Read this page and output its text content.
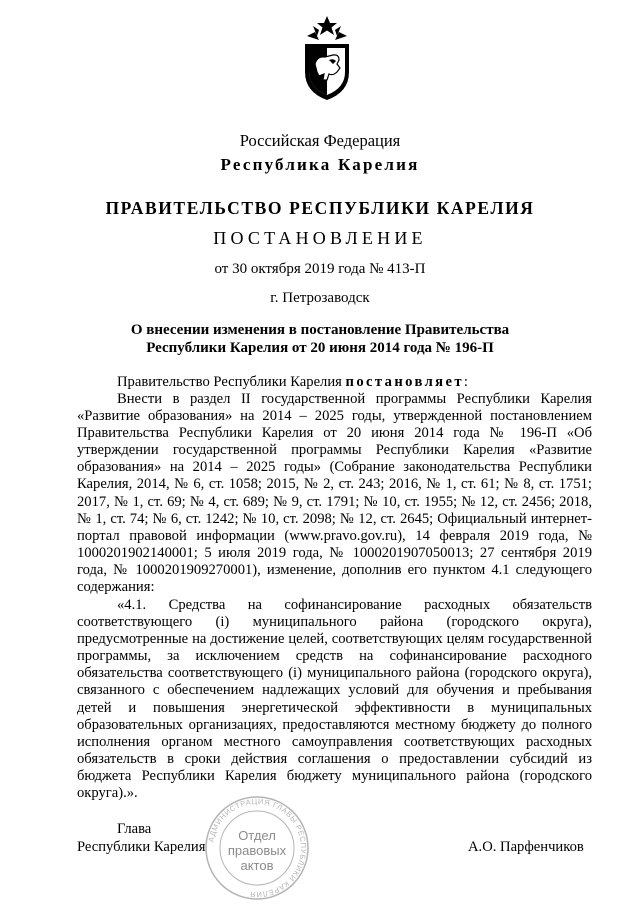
Российская Федерация
Республика Карелия
ПРАВИТЕЛЬСТВО РЕСПУБЛИКИ КАРЕЛИЯ
ПОСТАНОВЛЕНИЕ
от 30 октября 2019 года № 413-П
г. Петрозаводск
О внесении изменения в постановление Правительства
Республики Карелия от 20 июня 2014 года № 196-П
Правительство Республики Карелия постановляет:
Внести в раздел II государственной программы Республики Карелия «Развитие образования» на 2014 – 2025 годы, утвержденной постановлением Правительства Республики Карелия от 20 июня 2014 года № 196-П «Об утверждении государственной программы Республики Карелия «Развитие образования» на 2014 – 2025 годы» (Собрание законодательства Республики Карелия, 2014, № 6, ст. 1058; 2015, № 2, ст. 243; 2016, № 1, ст. 61; № 8, ст. 1751; 2017, № 1, ст. 69; № 4, ст. 689; № 9, ст. 1791; № 10, ст. 1955; № 12, ст. 2456; 2018, № 1, ст. 74; № 6, ст. 1242; № 10, ст. 2098; № 12, ст. 2645; Официальный интернет-портал правовой информации (www.pravo.gov.ru), 14 февраля 2019 года, № 1000201902140001; 5 июля 2019 года, № 1000201907050013; 27 сентября 2019 года, № 1000201909270001), изменение, дополнив его пунктом 4.1 следующего содержания:
«4.1. Средства на софинансирование расходных обязательств соответствующего (i) муниципального района (городского округа), предусмотренные на достижение целей, соответствующих целям государственной программы, за исключением средств на софинансирование расходного обязательства соответствующего (i) муниципального района (городского округа), связанного с обеспечением надлежащих условий для обучения и пребывания детей и повышения энергетической эффективности в муниципальных образовательных организациях, предоставляются местному бюджету до полного исполнения органом местного самоуправления соответствующих расходных обязательств в сроки действия соглашения о предоставлении субсидий из бюджета Республики Карелия бюджету муниципального района (городского округа).».
Глава
Республики Карелия	А.О. Парфенчиков
АДМИНИСТРАЦИЯ ГЛАВЫ РЕСПУБЛИКИ КАРЕЛИЯ
Отдел
правовых
актов
